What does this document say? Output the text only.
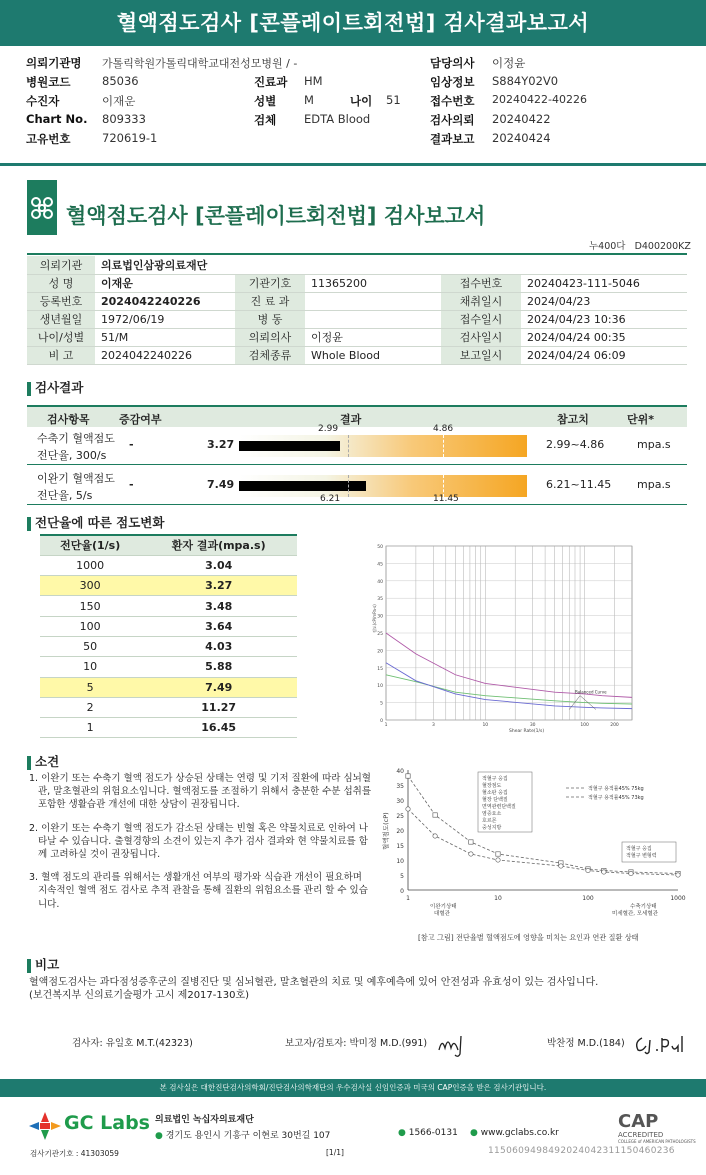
혈액점도검사 [콘플레이트회전법] 검사결과보고서
의뢰기관명 가톨릭학원가톨릭대학교대전성모병원 / -
병원코드	85036
수진자	이재운
Chart No. 809333
고유번호	720619-1
진료과 HM
성별 M	나이 51
검체 EDTA Blood
담당의사 이정윤
임상정보 S884Y02V0
접수번호 20240422-40226
검사의뢰 20240422
결과보고 20240424
혈액점도검사 [콘플레이트회전법] 검사보고서
누400다 D400200KZ
의뢰기관	의료법인삼광의료재단				
성 명	이재운	기관기호	11365200	접수번호	20240423-111-5046
등록번호	2024042240226	진 료 과		채취일시	2024/04/23
생년월일	1972/06/19	병 동		접수일시	2024/04/23 10:36
나이/성별	51/M	의뢰의사	이정윤	검사일시	2024/04/24 00:35
비 고	2024042240226	검체종류	Whole Blood	보고일시	2024/04/24 06:09
검사결과
검사항목	증감여부	결과	참고치	단위*
수축기 혈액점도
전단율, 300/s
-	3.27
2.99	4.86
2.99~4.86	mpa.s
이완기 혈액점도
전단율, 5/s
-	7.49
6.21	11.45
6.21~11.45 mpa.s
전단율에 따른 점도변화
전단율(1/s)	환자 결과(mpa.s)
1000	3.04
300	3.27
150	3.48
100	3.64
50	4.03
10	5.88
5	7.49
2	11.27
1	16.45	0
5
10
15
20
25
30
35
40
45
50
Shear Rate(1/s)
점도(cP/mPa·s)
1	3	10	30	100	200
Balanced Curve
소견

1. 이완기 또는 수축기 혈액 점도가 상승된 상태는 연령 및 기저 질환에 따라 심뇌혈관, 말초혈관의 위험요소입니다. 혈액점도를 조절하기 위해서 충분한 수분 섭취를 포함한 생활습관 개선에 대한 상담이 권장됩니다.

2. 이완기 또는 수축기 혈액 점도가 감소된 상태는 빈혈 혹은 약물치료로 인하여 나타날 수 있습니다. 출혈경향의 소견이 있는지 추가 검사 결과와 현 약물치료를 함께 고려하실 것이 권장됩니다.

3. 혈액 점도의 관리를 위해서는 생활개선 여부의 평가와 식습관 개선이 필요하며 지속적인 혈액 점도 검사로 추적 관찰을 통해 질환의 위험요소를 관리 할 수 있습니다.

0
5
10
15
20
25
30
35
40
1	10	100	1000
혈액점도(cP)
적혈구 응집
혈장점도
혈소판 응집
혈장 단백질
면역관련단백질
염증요소
호르몬
중성지방
적혈구 용적률45% 75kg
적혈구 용적률45% 73kg
적혈구 응집
적혈구 변형력
이완기상태
대혈관
수축기상태
미세혈관, 모세혈관
[참고 그림] 전단율별 혈액점도에 영향을 미치는 요인과 연관 질환 상태
비고
혈액점도검사는 과다점성증후군의 질병진단 및 심뇌혈관, 말초혈관의 치료 및 예후예측에 있어 안전성과 유효성이 있는 검사입니다.
(보건복지부 신의료기술평가 고시 제2017-130호)
검사자: 유일호 M.T.(42323)	보고자/검토자: 박미정 M.D.(991)	박찬정 M.D.(184)
본 검사실은 대한진단검사의학회/진단검사의학재단의 우수검사실 신임인증과 미국의 CAP인증을 받은 검사기관입니다.
GC Labs 의료법인 녹십자의료재단
● 경기도 용인시 기흥구 이현로 30번길 107	● 1566-0131 ● www.gclabs.co.kr
CAP
ACCREDITED
COLLEGE of AMERICAN PATHOLOGISTS
검사기관기호 : 41303059	[1/1]	115060949849202404231115046​0236
